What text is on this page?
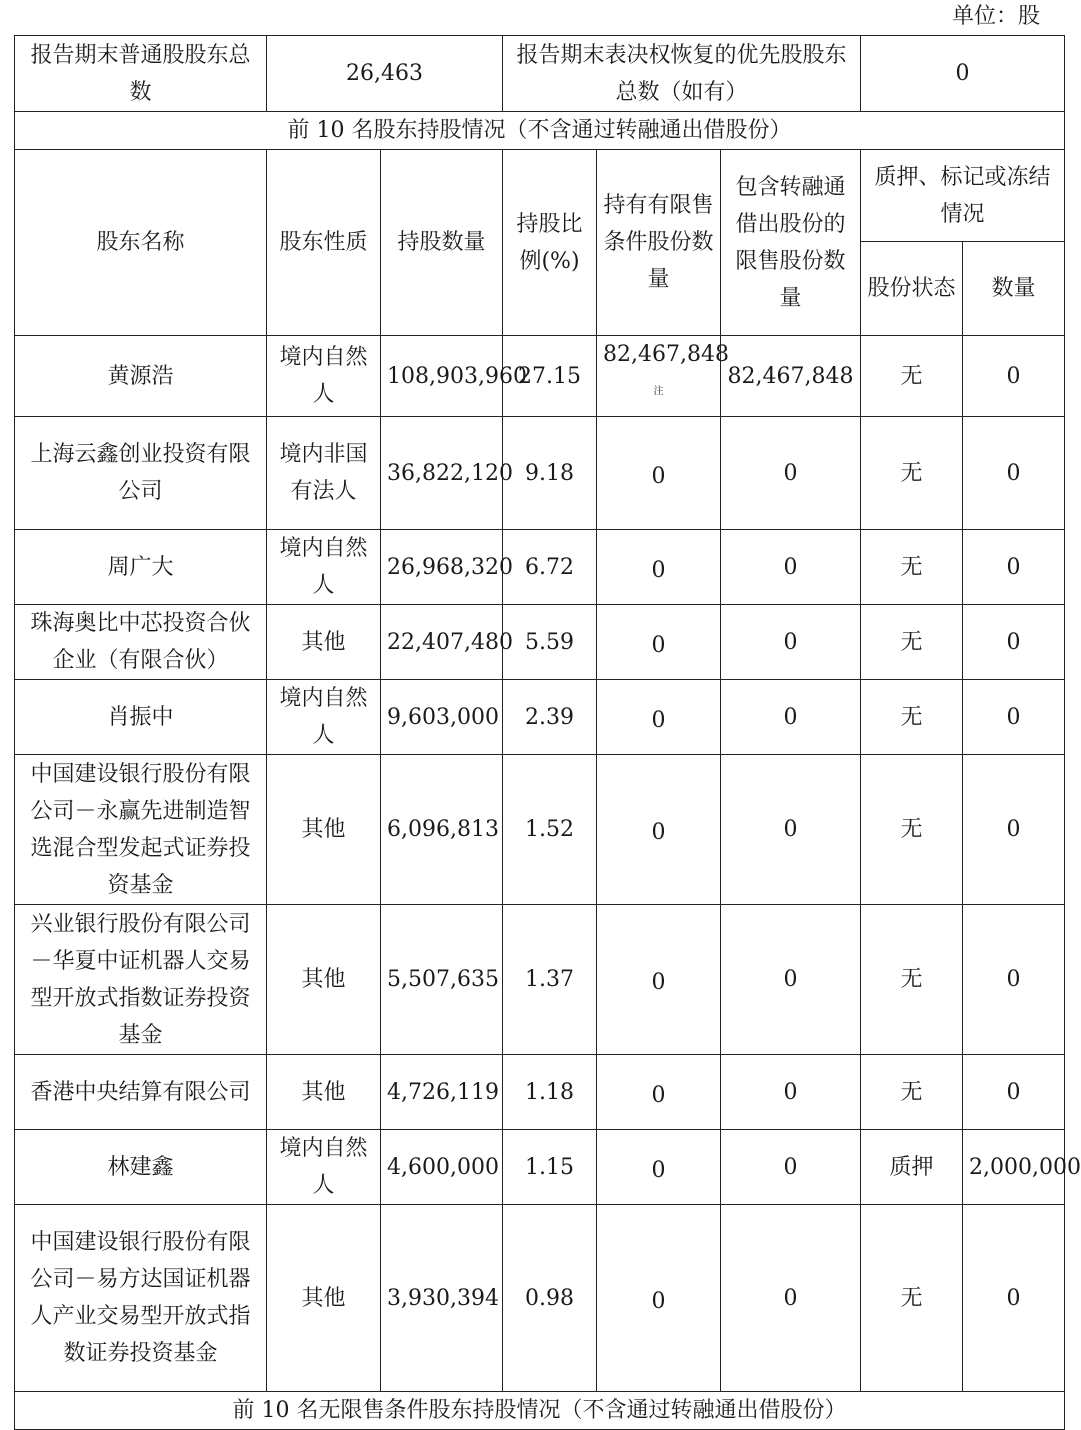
单位：股
报告期末普通股股东总数	26,463		报告期末表决权恢复的优先股股东总数（如有）			0	
前 10 名股东持股情况（不含通过转融通出借股份）							
股东名称	股东性质	持股数量	持股比例(%)	持有有限售条件股份数量	包含转融通借出股份的限售股份数量	质押、标记或冻结情况	
						股份状态	数量
黄源浩	境内自然人	108,903,960	27.15	$82,467,848^注$	82,467,848	无	0
上海云鑫创业投资有限公司	境内非国有法人	36,822,120	9.18	0	0	无	0
周广大	境内自然人	26,968,320	6.72	0	0	无	0
珠海奥比中芯投资合伙企业（有限合伙）	其他	22,407,480	5.59	0	0	无	0
肖振中	境内自然人	9,603,000	2.39	0	0	无	0
中国建设银行股份有限公司－永赢先进制造智选混合型发起式证券投资基金	其他	6,096,813	1.52	0	0	无	0
兴业银行股份有限公司－华夏中证机器人交易型开放式指数证券投资基金	其他	5,507,635	1.37	0	0	无	0
香港中央结算有限公司	其他	4,726,119	1.18	0	0	无	0
林建鑫	境内自然人	4,600,000	1.15	0	0	质押	2,000,000
中国建设银行股份有限公司－易方达国证机器人产业交易型开放式指数证券投资基金	其他	3,930,394	0.98	0	0	无	0
前 10 名无限售条件股东持股情况（不含通过转融通出借股份）							
